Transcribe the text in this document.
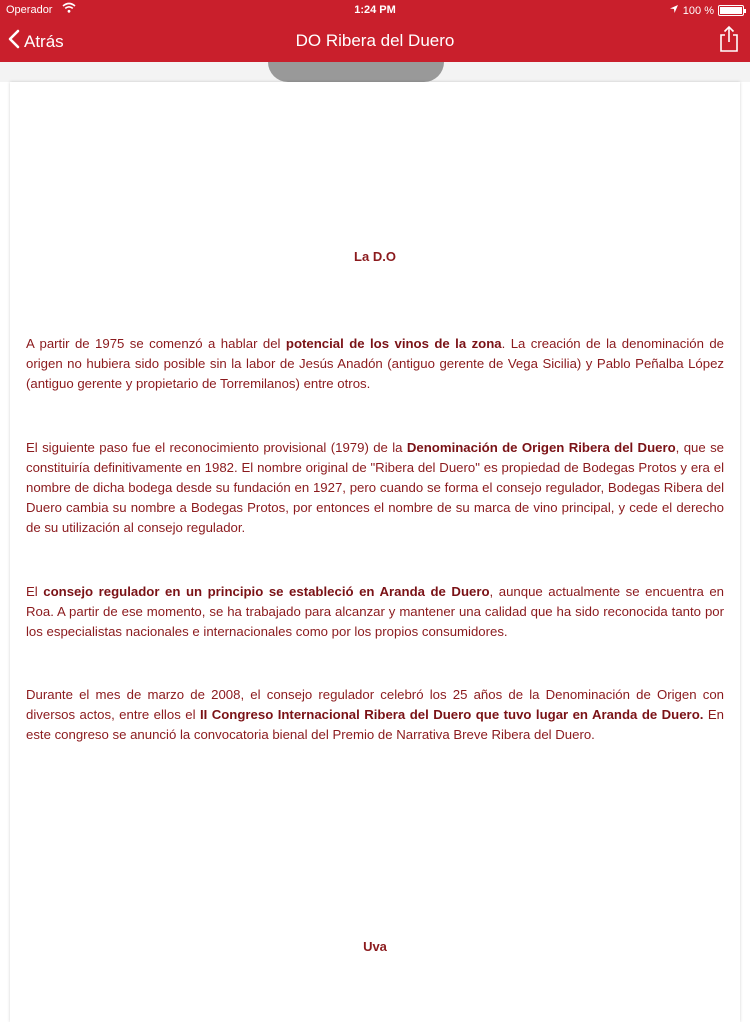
Operador	1:24 PM	100 %
Atrás	DO Ribera del Duero
La D.O

A partir de 1975 se comenzó a hablar del potencial de los vinos de la zona. La creación de la denominación de origen no hubiera sido posible sin la labor de Jesús Anadón (antiguo gerente de Vega Sicilia) y Pablo Peñalba López (antiguo gerente y propietario de Torremilanos) entre otros.

El siguiente paso fue el reconocimiento provisional (1979) de la Denominación de Origen Ribera del Duero, que se constituiría definitivamente en 1982. El nombre original de "Ribera del Duero" es propiedad de Bodegas Protos y era el nombre de dicha bodega desde su fundación en 1927, pero cuando se forma el consejo regulador, Bodegas Ribera del Duero cambia su nombre a Bodegas Protos, por entonces el nombre de su marca de vino principal, y cede el derecho de su utilización al consejo regulador.

El consejo regulador en un principio se estableció en Aranda de Duero, aunque actualmente se encuentra en Roa. A partir de ese momento, se ha trabajado para alcanzar y mantener una calidad que ha sido reconocida tanto por los especialistas nacionales e internacionales como por los propios consumidores.

Durante el mes de marzo de 2008, el consejo regulador celebró los 25 años de la Denominación de Origen con diversos actos, entre ellos el II Congreso Internacional Ribera del Duero que tuvo lugar en Aranda de Duero. En este congreso se anunció la convocatoria bienal del Premio de Narrativa Breve Ribera del Duero.

Uva
